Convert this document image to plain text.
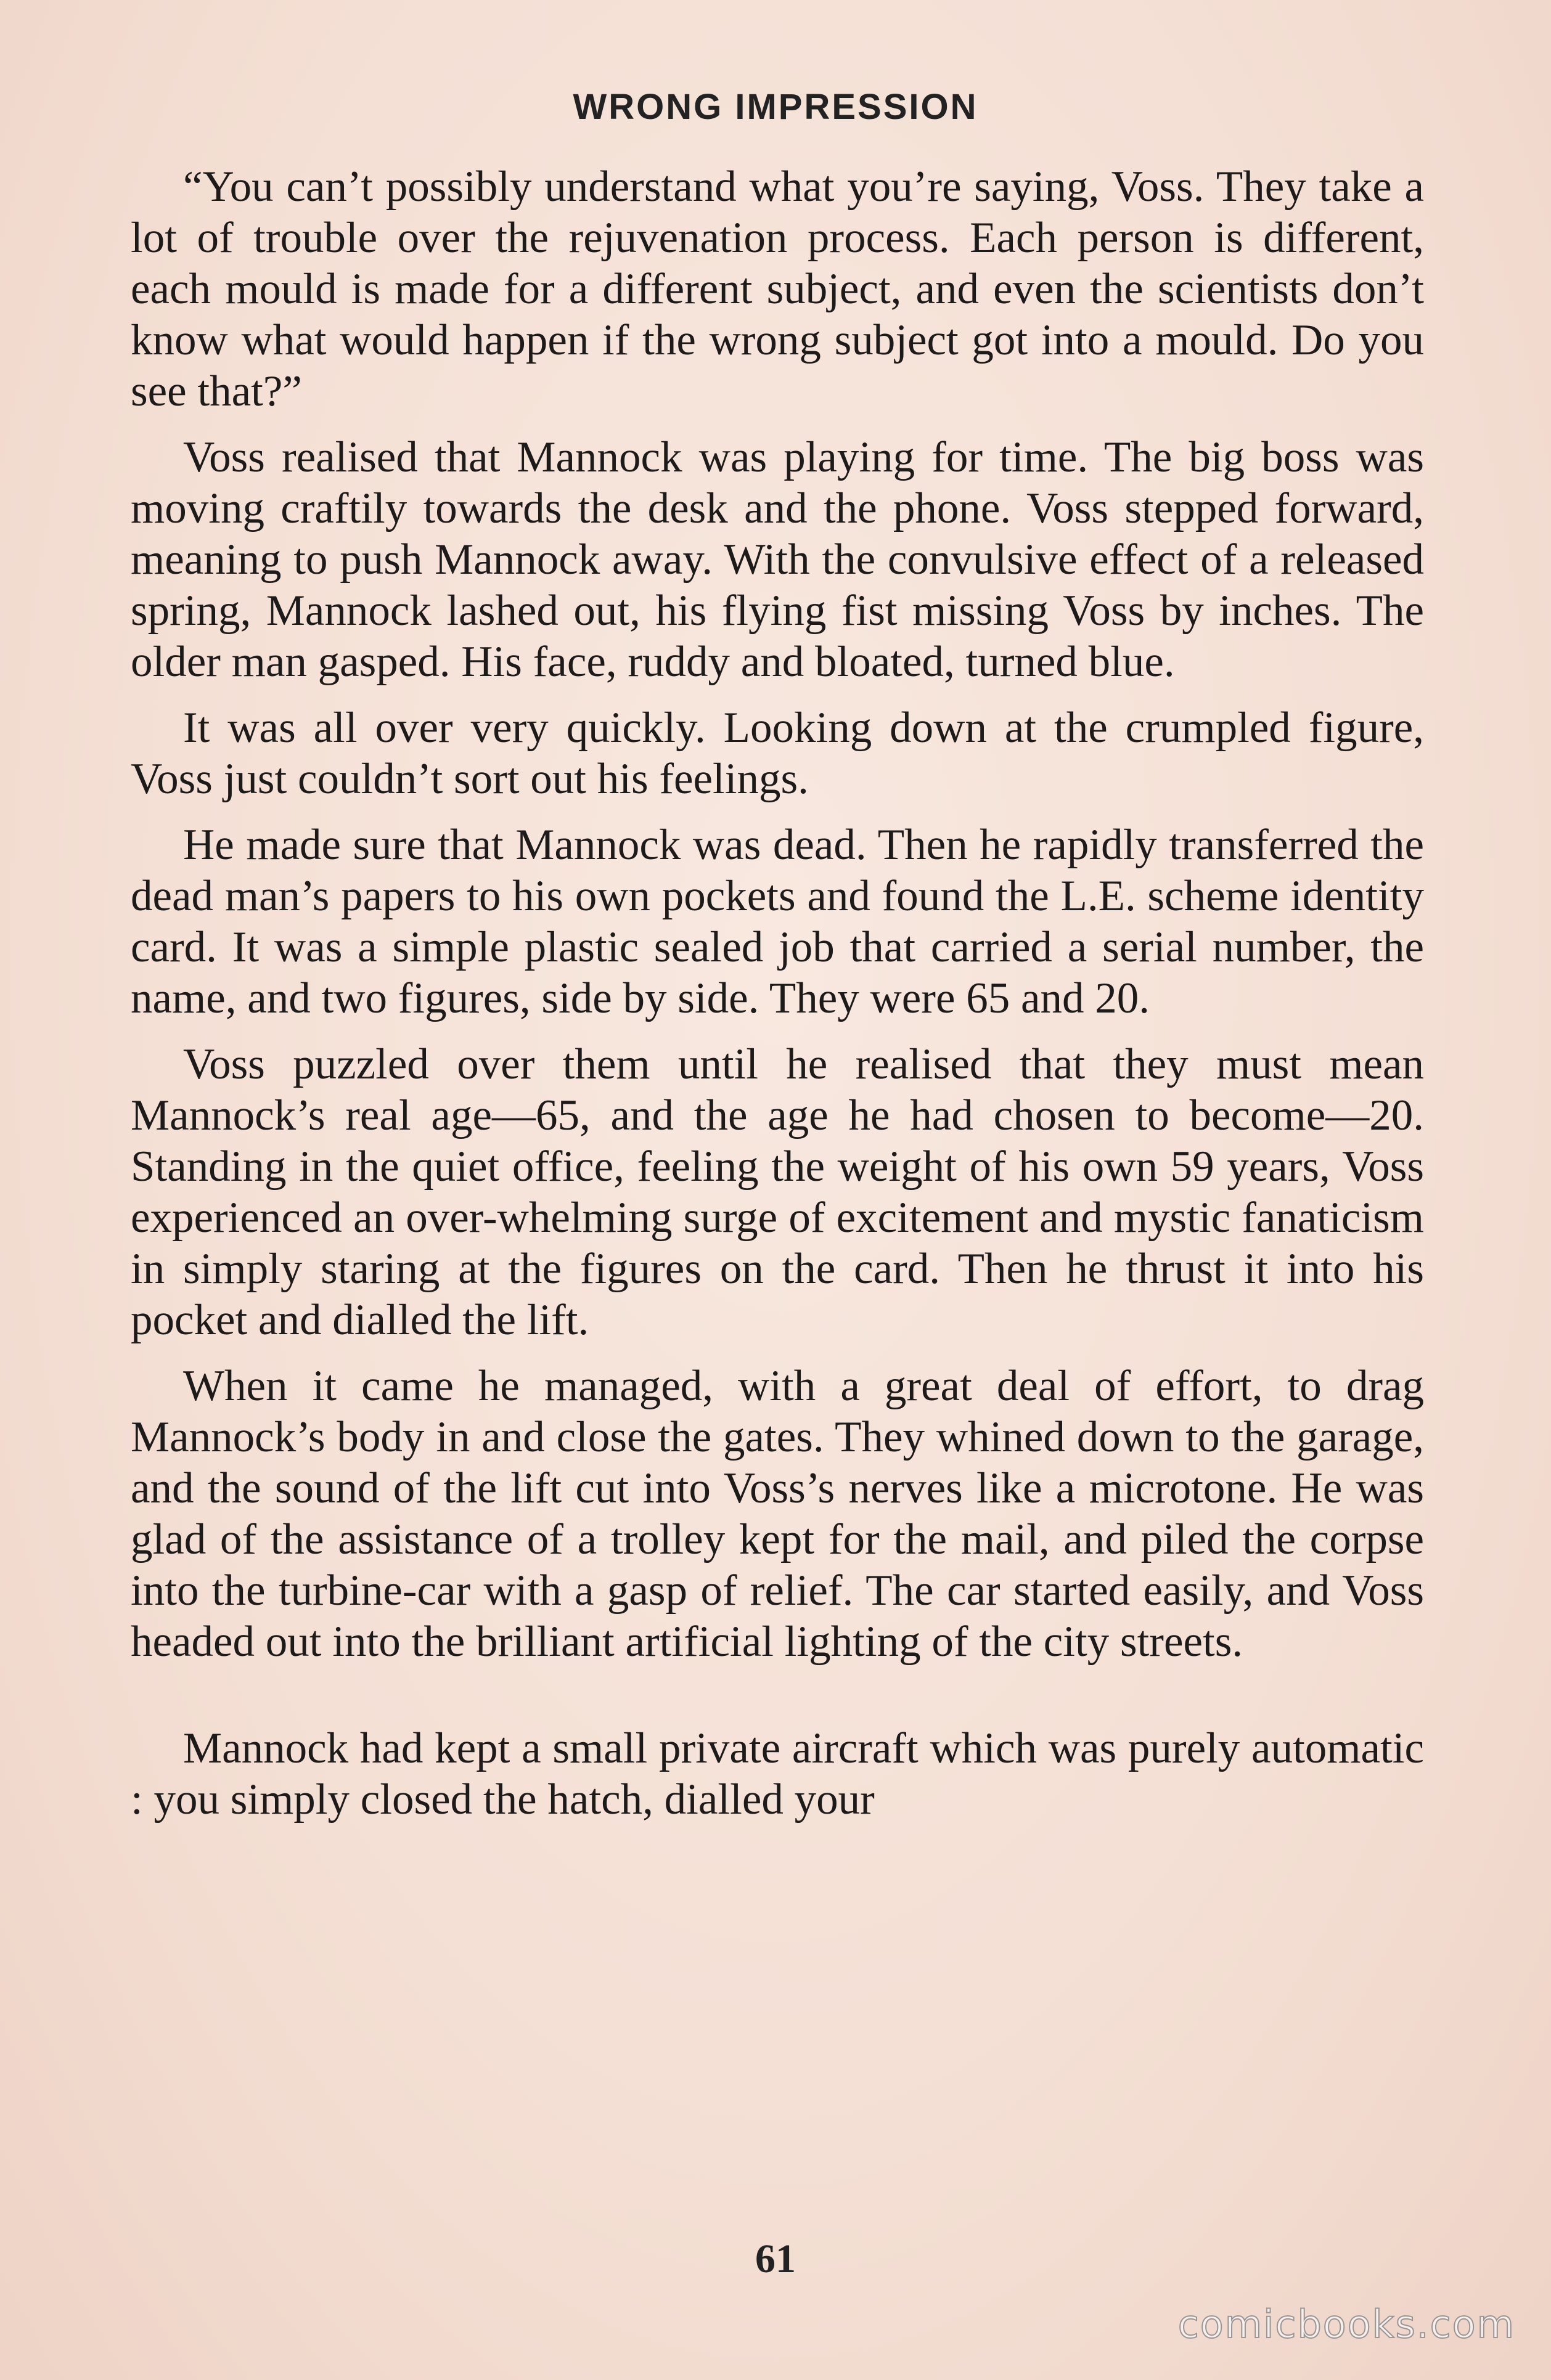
WRONG IMPRESSION

“You can’t possibly understand what you’re saying, Voss. They take a lot of trouble over the rejuvenation process. Each person is different, each mould is made for a different subject, and even the scientists don’t know what would happen if the wrong subject got into a mould. Do you see that?”

Voss realised that Mannock was playing for time. The big boss was moving craftily towards the desk and the phone. Voss stepped forward, meaning to push Mannock away. With the convulsive effect of a released spring, Mannock lashed out, his flying fist missing Voss by inches. The older man gasped. His face, ruddy and bloated, turned blue.

It was all over very quickly. Looking down at the crumpled figure, Voss just couldn’t sort out his feelings.

He made sure that Mannock was dead. Then he rapidly transferred the dead man’s papers to his own pockets and found the L.E. scheme identity card. It was a simple plastic sealed job that carried a serial number, the name, and two figures, side by side. They were 65 and 20.

Voss puzzled over them until he realised that they must mean Mannock’s real age—65, and the age he had chosen to become—20. Standing in the quiet office, feeling the weight of his own 59 years, Voss experienced an over-whelming surge of excitement and mystic fanaticism in simply staring at the figures on the card. Then he thrust it into his pocket and dialled the lift.

When it came he managed, with a great deal of effort, to drag Mannock’s body in and close the gates. They whined down to the garage, and the sound of the lift cut into Voss’s nerves like a microtone. He was glad of the assistance of a trolley kept for the mail, and piled the corpse into the turbine-car with a gasp of relief. The car started easily, and Voss headed out into the brilliant artificial lighting of the city streets.

Mannock had kept a small private aircraft which was purely automatic : you simply closed the hatch, dialled your

61
comicbooks.com
